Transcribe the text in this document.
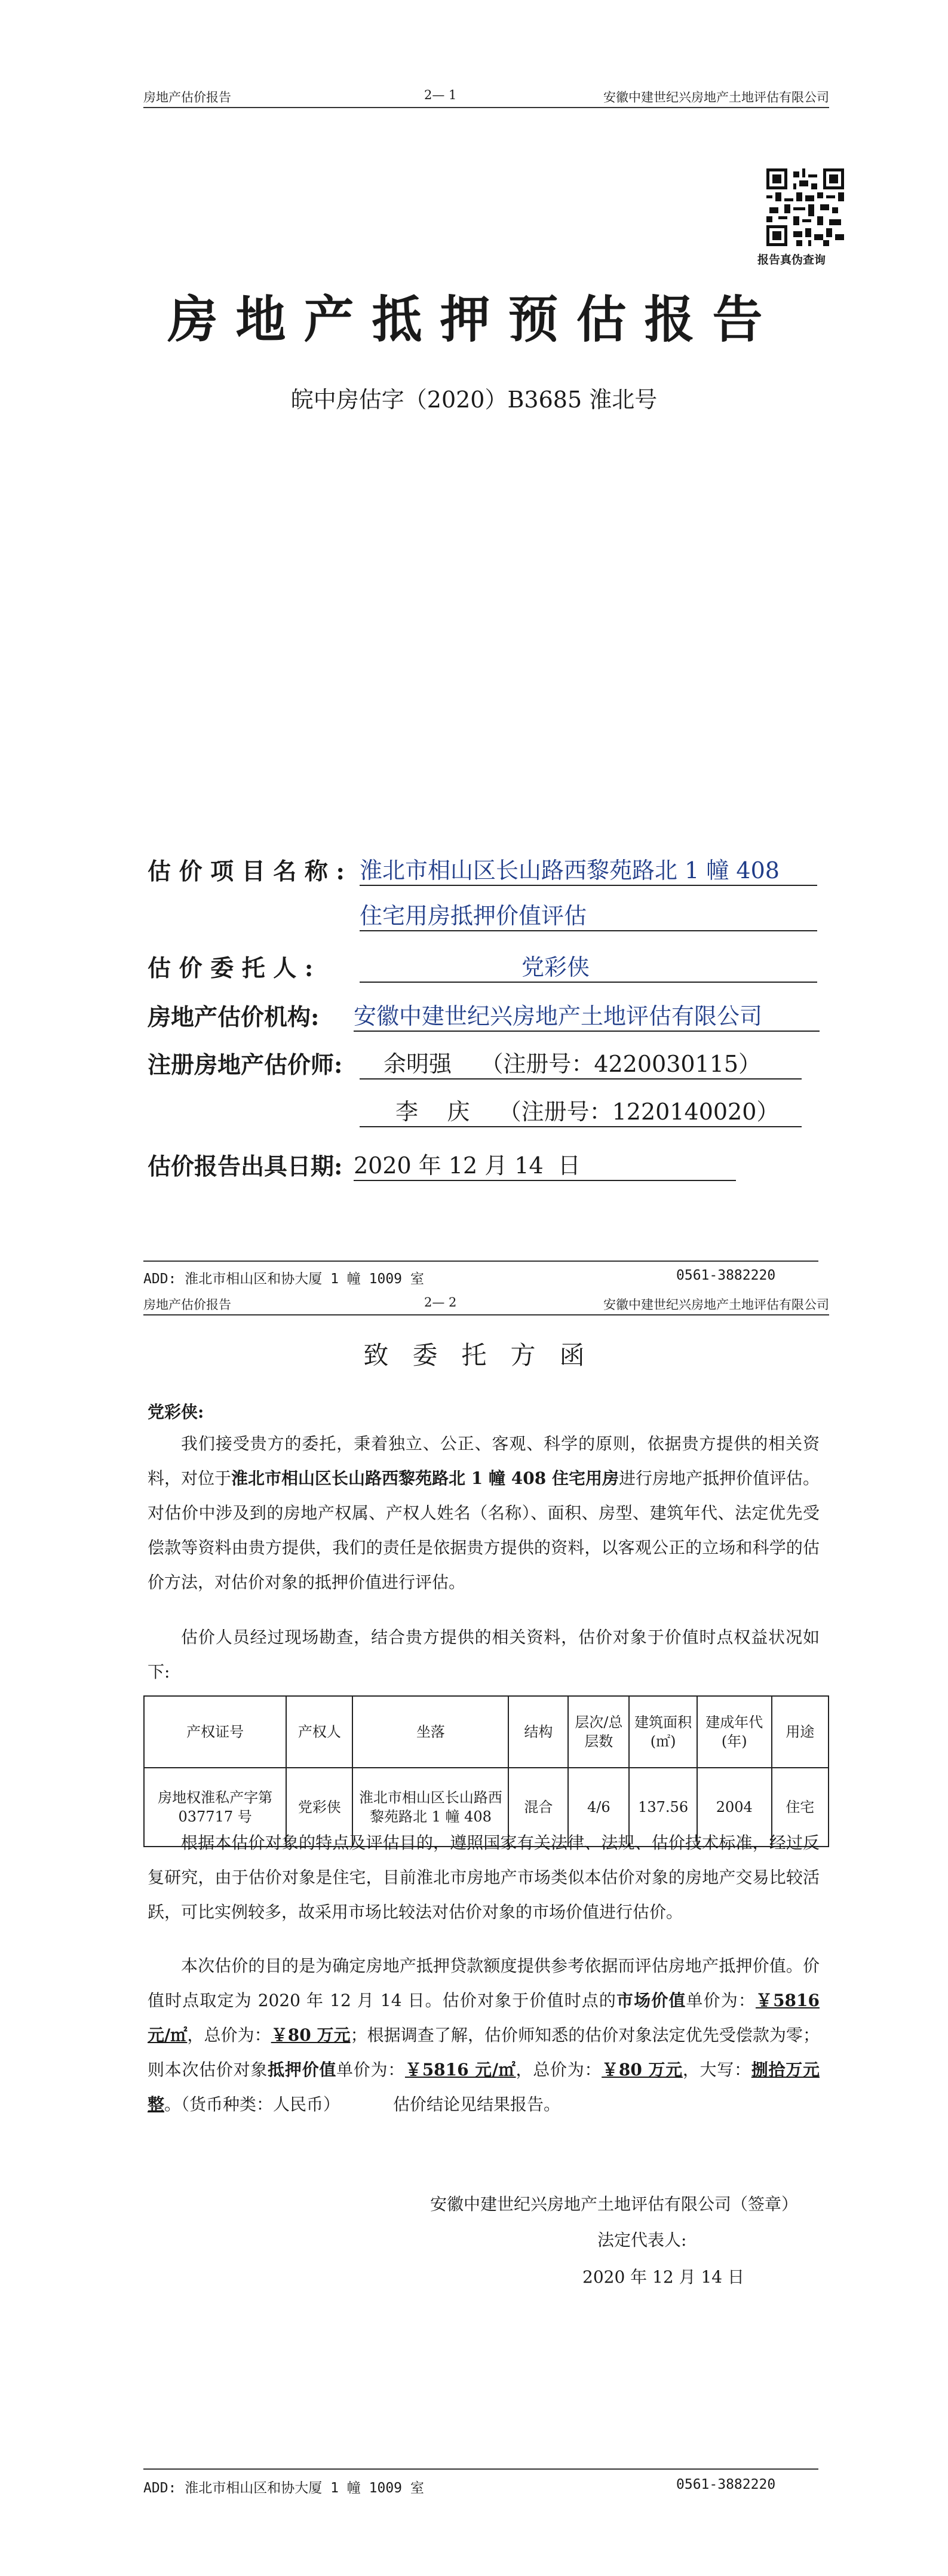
房地产估价报告	2— 1	安徽中建世纪兴房地产土地评估有限公司
报告真伪查询
房地产抵押预估报告
皖中房估字（2020）B3685 淮北号
估 价 项 目 名 称 : 淮北市相山区长山路西黎苑路北 1 幢 408
住宅用房抵押价值评估
估 价 委 托 人 :	党彩侠
房地产估价机构: 安徽中建世纪兴房地产土地评估有限公司
注册房地产估价师:	余明强    （注册号：4220030115）
李    庆    （注册号：1220140020）
估价报告出具日期: 2020 年 12 月 14  日
ADD: 淮北市相山区和协大厦 1 幢 1009 室	0561-3882220
房地产估价报告	2— 2	安徽中建世纪兴房地产土地评估有限公司
致   委   托   方   函
党彩侠:
我们接受贵方的委托，秉着独立、公正、客观、科学的原则，依据贵方提供的相关资料，对位于淮北市相山区长山路西黎苑路北 1 幢 408 住宅用房进行房地产抵押价值评估。对估价中涉及到的房地产权属、产权人姓名（名称）、面积、房型、建筑年代、法定优先受偿款等资料由贵方提供，我们的责任是依据贵方提供的资料，以客观公正的立场和科学的估价方法，对估价对象的抵押价值进行评估。
估价人员经过现场勘查，结合贵方提供的相关资料，估价对象于价值时点权益状况如下:
产权证号	产权人	坐落	结构	层次/总层数	建筑面积(㎡)	建成年代(年)	用途
房地权淮私产字第 037717 号	党彩侠	淮北市相山区长山路西黎苑路北 1 幢 408	混合	4/6	137.56	2004	住宅
根据本估价对象的特点及评估目的，遵照国家有关法律、法规、估价技术标准，经过反复研究，由于估价对象是住宅，目前淮北市房地产市场类似本估价对象的房地产交易比较活跃，可比实例较多，故采用市场比较法对估价对象的市场价值进行估价。
本次估价的目的是为确定房地产抵押贷款额度提供参考依据而评估房地产抵押价值。价值时点取定为 2020 年 12 月 14 日。估价对象于价值时点的市场价值单价为：￥5816 元/㎡，总价为：￥80 万元；根据调查了解，估价师知悉的估价对象法定优先受偿款为零；则本次估价对象抵押价值单价为：￥5816 元/㎡，总价为：￥80 万元，大写：捌拾万元整。（货币种类：人民币）          估价结论见结果报告。
安徽中建世纪兴房地产土地评估有限公司（签章）
法定代表人:
2020 年 12 月 14 日
ADD: 淮北市相山区和协大厦 1 幢 1009 室	0561-3882220
